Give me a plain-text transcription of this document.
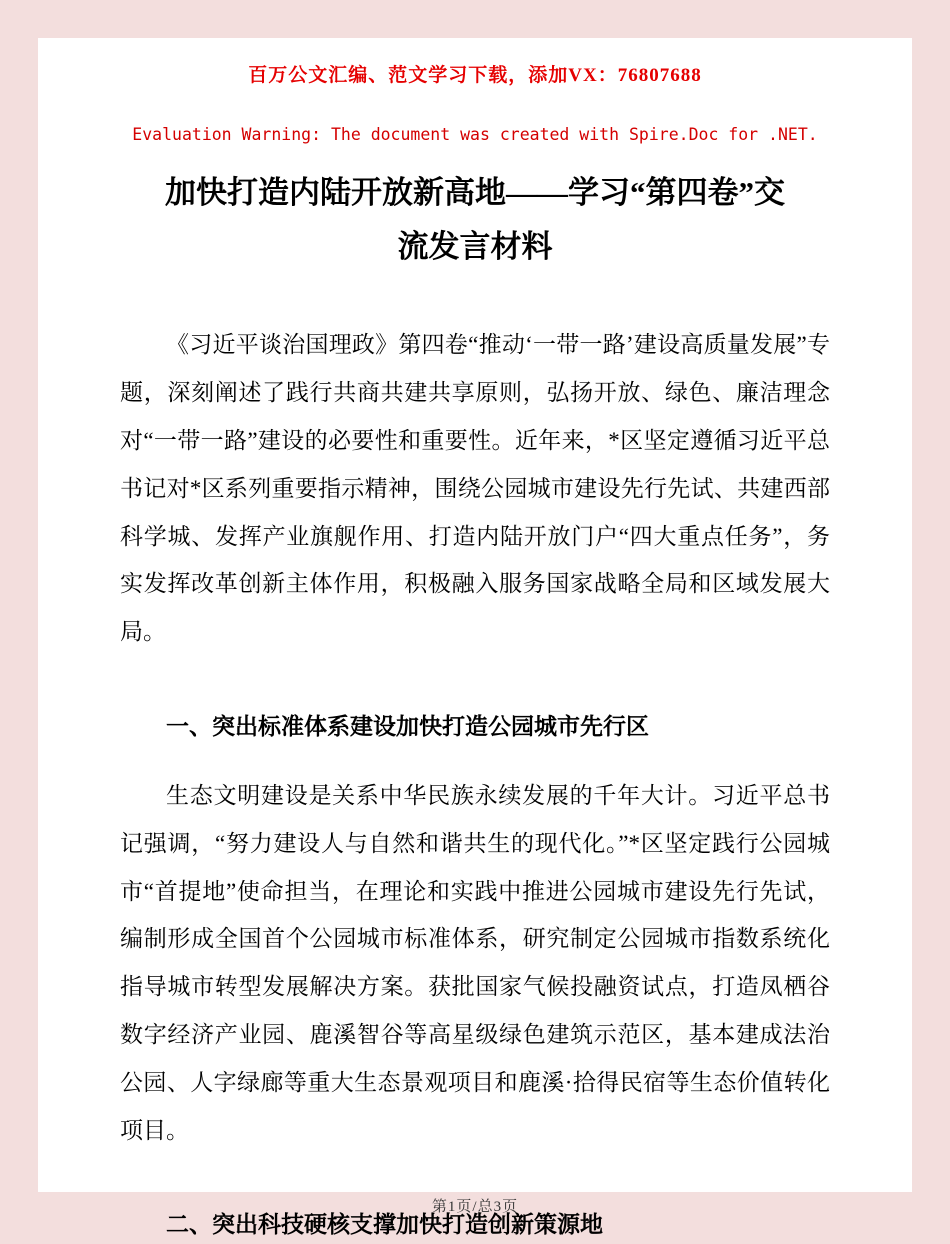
百万公文汇编、范文学习下载，添加VX：76807688
Evaluation Warning: The document was created with Spire.Doc for .NET.
加快打造内陆开放新高地——学习“第四卷”交流发言材料

《习近平谈治国理政》第四卷“推动‘一带一路’建设高质量发展”专题，深刻阐述了践行共商共建共享原则，弘扬开放、绿色、廉洁理念对“一带一路”建设的必要性和重要性。近年来，*区坚定遵循习近平总书记对*区系列重要指示精神，围绕公园城市建设先行先试、共建西部科学城、发挥产业旗舰作用、打造内陆开放门户“四大重点任务”，务实发挥改革创新主体作用，积极融入服务国家战略全局和区域发展大局。

一、突出标准体系建设加快打造公园城市先行区

生态文明建设是关系中华民族永续发展的千年大计。习近平总书记强调，“努力建设人与自然和谐共生的现代化。”*区坚定践行公园城市“首提地”使命担当，在理论和实践中推进公园城市建设先行先试，编制形成全国首个公园城市标准体系，研究制定公园城市指数系统化指导城市转型发展解决方案。获批国家气候投融资试点，打造凤栖谷数字经济产业园、鹿溪智谷等高星级绿色建筑示范区，基本建成法治公园、人字绿廊等重大生态景观项目和鹿溪·拾得民宿等生态价值转化项目。

二、突出科技硬核支撑加快打造创新策源地
第1页/总3页
